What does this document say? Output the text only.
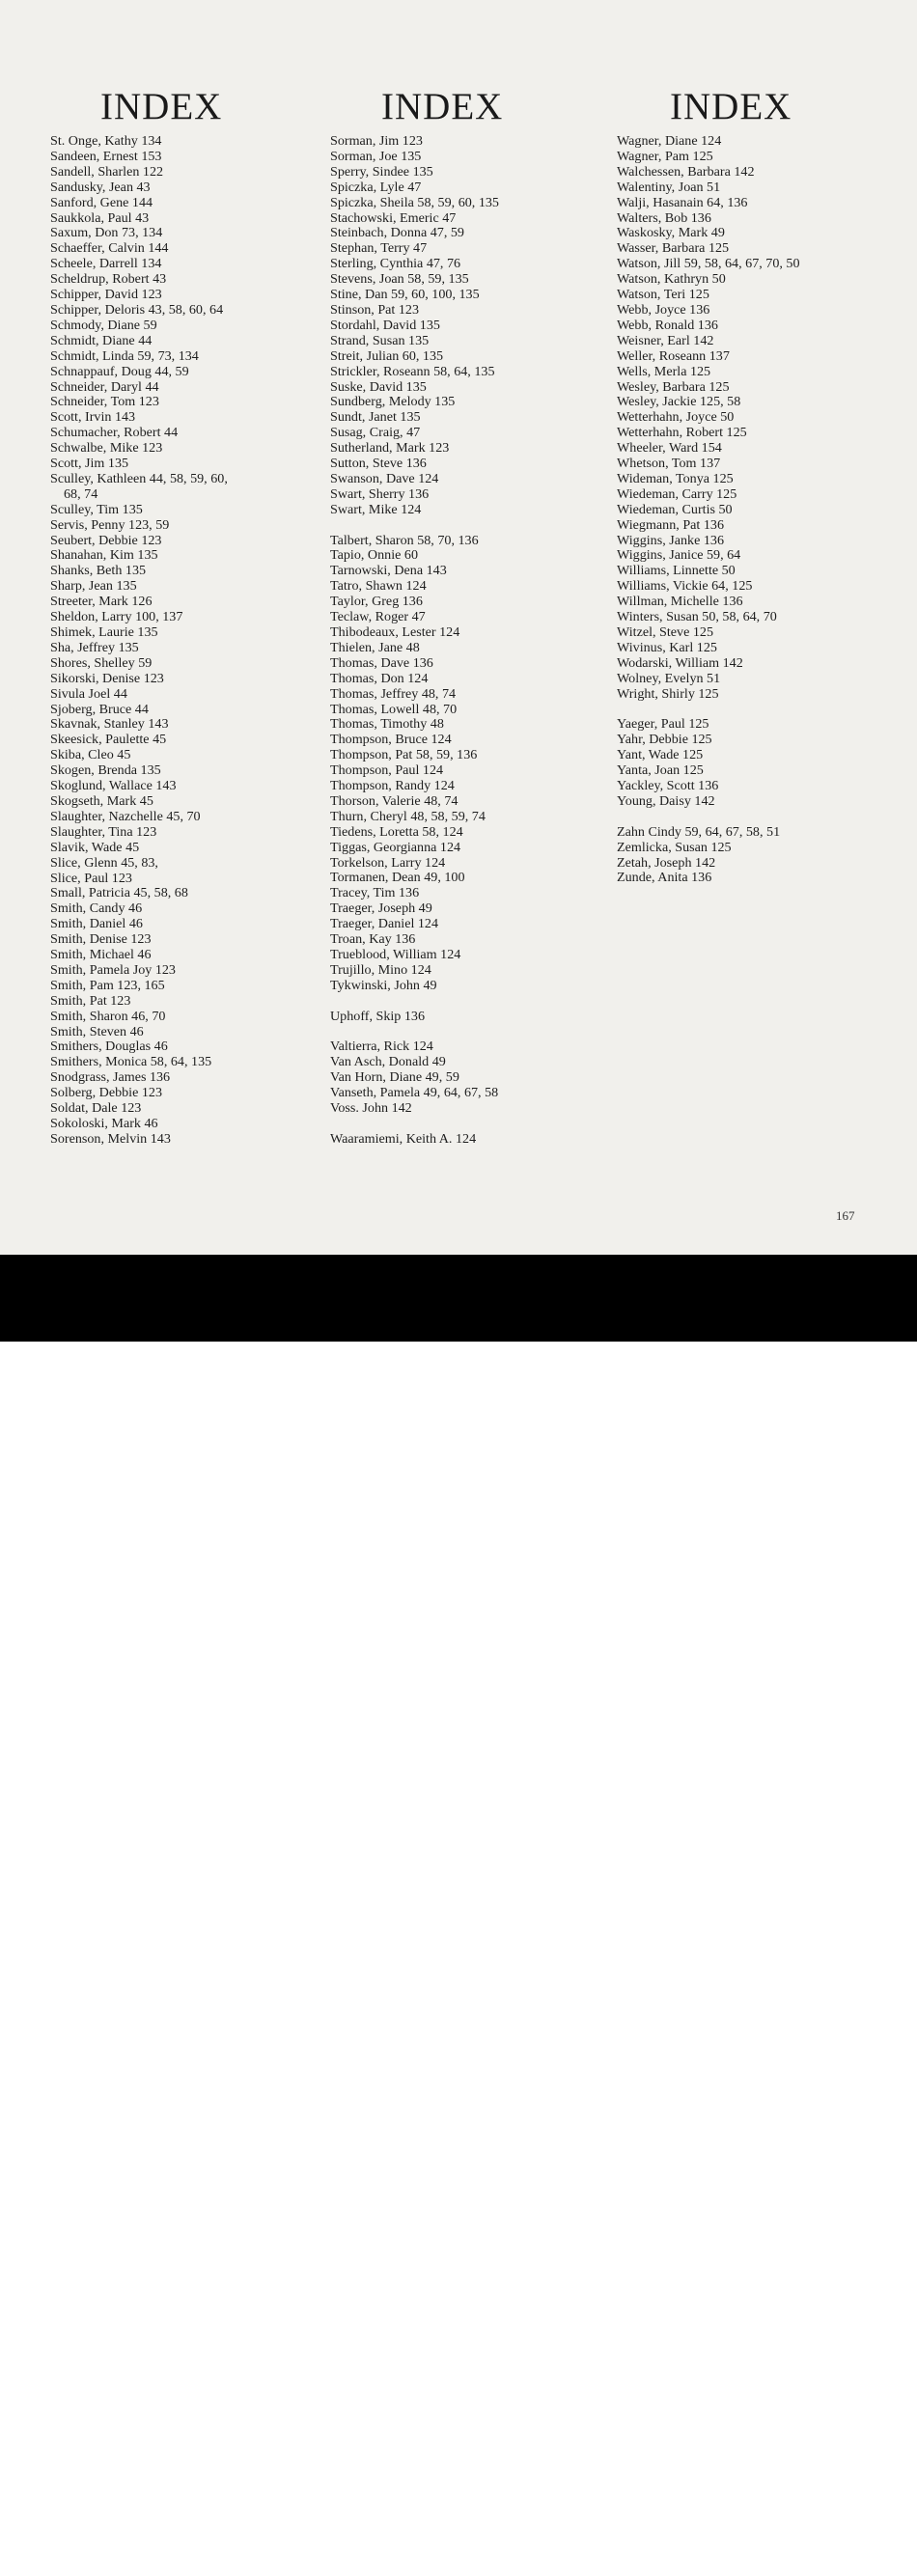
INDEX	INDEX	INDEX
St. Onge, Kathy 134
Sandeen, Ernest 153
Sandell, Sharlen 122
Sandusky, Jean 43
Sanford, Gene 144
Saukkola, Paul 43
Saxum, Don 73, 134
Schaeffer, Calvin 144
Scheele, Darrell 134
Scheldrup, Robert 43
Schipper, David 123
Schipper, Deloris 43, 58, 60, 64
Schmody, Diane 59
Schmidt, Diane 44
Schmidt, Linda 59, 73, 134
Schnappauf, Doug 44, 59
Schneider, Daryl 44
Schneider, Tom 123
Scott, Irvin 143
Schumacher, Robert 44
Schwalbe, Mike 123
Scott, Jim 135
Sculley, Kathleen 44, 58, 59, 60,
68, 74
Sculley, Tim 135
Servis, Penny 123, 59
Seubert, Debbie 123
Shanahan, Kim 135
Shanks, Beth 135
Sharp, Jean 135
Streeter, Mark 126
Sheldon, Larry 100, 137
Shimek, Laurie 135
Sha, Jeffrey 135
Shores, Shelley 59
Sikorski, Denise 123
Sivula Joel 44
Sjoberg, Bruce 44
Skavnak, Stanley 143
Skeesick, Paulette 45
Skiba, Cleo 45
Skogen, Brenda 135
Skoglund, Wallace 143
Skogseth, Mark 45
Slaughter, Nazchelle 45, 70
Slaughter, Tina 123
Slavik, Wade 45
Slice, Glenn 45, 83,
Slice, Paul 123
Small, Patricia 45, 58, 68
Smith, Candy 46
Smith, Daniel 46
Smith, Denise 123
Smith, Michael 46
Smith, Pamela Joy 123
Smith, Pam 123, 165
Smith, Pat 123
Smith, Sharon 46, 70
Smith, Steven 46
Smithers, Douglas 46
Smithers, Monica 58, 64, 135
Snodgrass, James 136
Solberg, Debbie 123
Soldat, Dale 123
Sokoloski, Mark 46
Sorenson, Melvin 143
Sorman, Jim 123
Sorman, Joe 135
Sperry, Sindee 135
Spiczka, Lyle 47
Spiczka, Sheila 58, 59, 60, 135
Stachowski, Emeric 47
Steinbach, Donna 47, 59
Stephan, Terry 47
Sterling, Cynthia 47, 76
Stevens, Joan 58, 59, 135
Stine, Dan 59, 60, 100, 135
Stinson, Pat 123
Stordahl, David 135
Strand, Susan 135
Streit, Julian 60, 135
Strickler, Roseann 58, 64, 135
Suske, David 135
Sundberg, Melody 135
Sundt, Janet 135
Susag, Craig, 47
Sutherland, Mark 123
Sutton, Steve 136
Swanson, Dave 124
Swart, Sherry 136
Swart, Mike 124
Talbert, Sharon 58, 70, 136
Tapio, Onnie 60
Tarnowski, Dena 143
Tatro, Shawn 124
Taylor, Greg 136
Teclaw, Roger 47
Thibodeaux, Lester 124
Thielen, Jane 48
Thomas, Dave 136
Thomas, Don 124
Thomas, Jeffrey 48, 74
Thomas, Lowell 48, 70
Thomas, Timothy 48
Thompson, Bruce 124
Thompson, Pat 58, 59, 136
Thompson, Paul 124
Thompson, Randy 124
Thorson, Valerie 48, 74
Thurn, Cheryl 48, 58, 59, 74
Tiedens, Loretta 58, 124
Tiggas, Georgianna 124
Torkelson, Larry 124
Tormanen, Dean 49, 100
Tracey, Tim 136
Traeger, Joseph 49
Traeger, Daniel 124
Troan, Kay 136
Trueblood, William 124
Trujillo, Mino 124
Tykwinski, John 49
Uphoff, Skip 136
Valtierra, Rick 124
Van Asch, Donald 49
Van Horn, Diane 49, 59
Vanseth, Pamela 49, 64, 67, 58
Voss. John 142
Waaramiemi, Keith A. 124
Wagner, Diane 124
Wagner, Pam 125
Walchessen, Barbara 142
Walentiny, Joan 51
Walji, Hasanain 64, 136
Walters, Bob 136
Waskosky, Mark 49
Wasser, Barbara 125
Watson, Jill 59, 58, 64, 67, 70, 50
Watson, Kathryn 50
Watson, Teri 125
Webb, Joyce 136
Webb, Ronald 136
Weisner, Earl 142
Weller, Roseann 137
Wells, Merla 125
Wesley, Barbara 125
Wesley, Jackie 125, 58
Wetterhahn, Joyce 50
Wetterhahn, Robert 125
Wheeler, Ward 154
Whetson, Tom 137
Wideman, Tonya 125
Wiedeman, Carry 125
Wiedeman, Curtis 50
Wiegmann, Pat 136
Wiggins, Janke 136
Wiggins, Janice 59, 64
Williams, Linnette 50
Williams, Vickie 64, 125
Willman, Michelle 136
Winters, Susan 50, 58, 64, 70
Witzel, Steve 125
Wivinus, Karl 125
Wodarski, William 142
Wolney, Evelyn 51
Wright, Shirly 125
Yaeger, Paul 125
Yahr, Debbie 125
Yant, Wade 125
Yanta, Joan 125
Yackley, Scott 136
Young, Daisy 142
Zahn Cindy 59, 64, 67, 58, 51
Zemlicka, Susan 125
Zetah, Joseph 142
Zunde, Anita 136
167
alamy	3AKFT62
www.alamy.com
